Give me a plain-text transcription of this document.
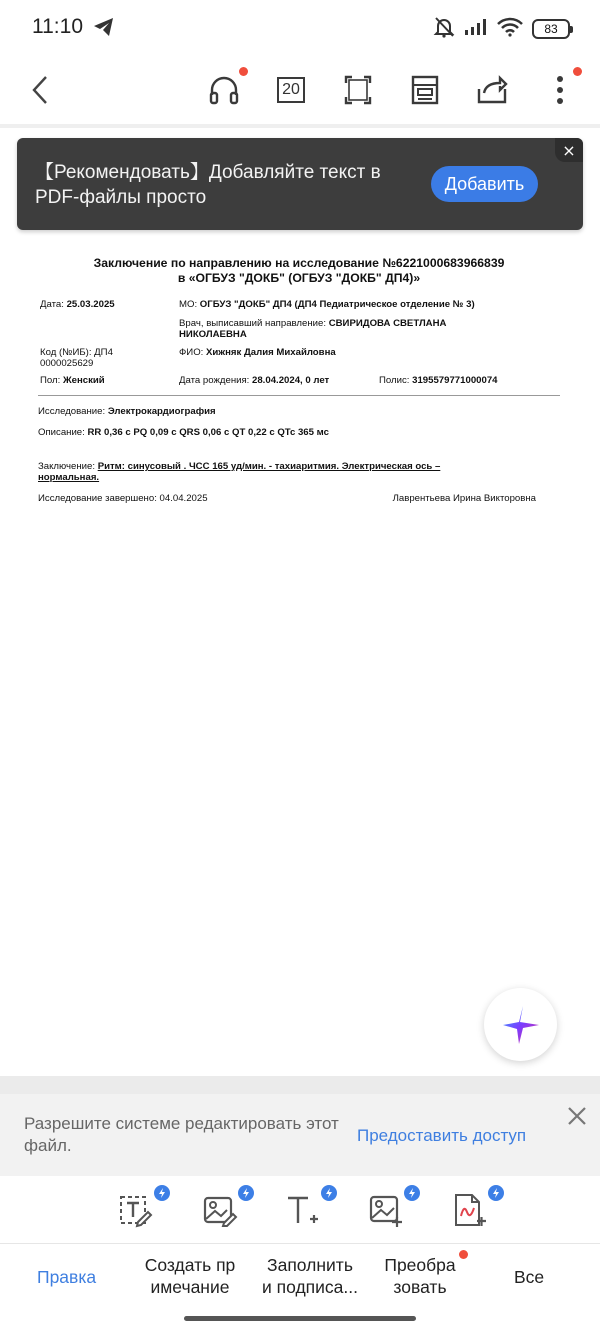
11:10	83
20
【Рекомендовать】Добавляйте текст в PDF-файлы просто
Добавить
×
Заключение по направлению на исследование №6221000683966839
в «ОГБУЗ "ДОКБ" (ОГБУЗ "ДОКБ" ДП4)»
Дата: 25.03.2025	МО: ОГБУЗ "ДОКБ" ДП4 (ДП4 Педиатрическое отделение № 3)
Врач, выписавший направление: СВИРИДОВА СВЕТЛАНА
НИКОЛАЕВНА
Код (№ИБ): ДП4
0000025629
ФИО: Хижняк Далия Михайловна
Пол: Женский	Дата рождения: 28.04.2024, 0 лет	Полис: 3195579771000074
Исследование: Электрокардиография
Описание: RR 0,36 с PQ 0,09 с QRS 0,06 с QT 0,22 с QTc 365 мс
Заключение: Ритм: синусовый . ЧСС 165 уд/мин. - тахиаритмия. Электрическая ось –
нормальная.
Исследование завершено: 04.04.2025	Лаврентьева Ирина Викторовна
Разрешите системе редактировать этот файл.
Предоставить доступ
Правка
Создать пр
имечание
Заполнить
и подписа...
Преобра
зовать	Все
